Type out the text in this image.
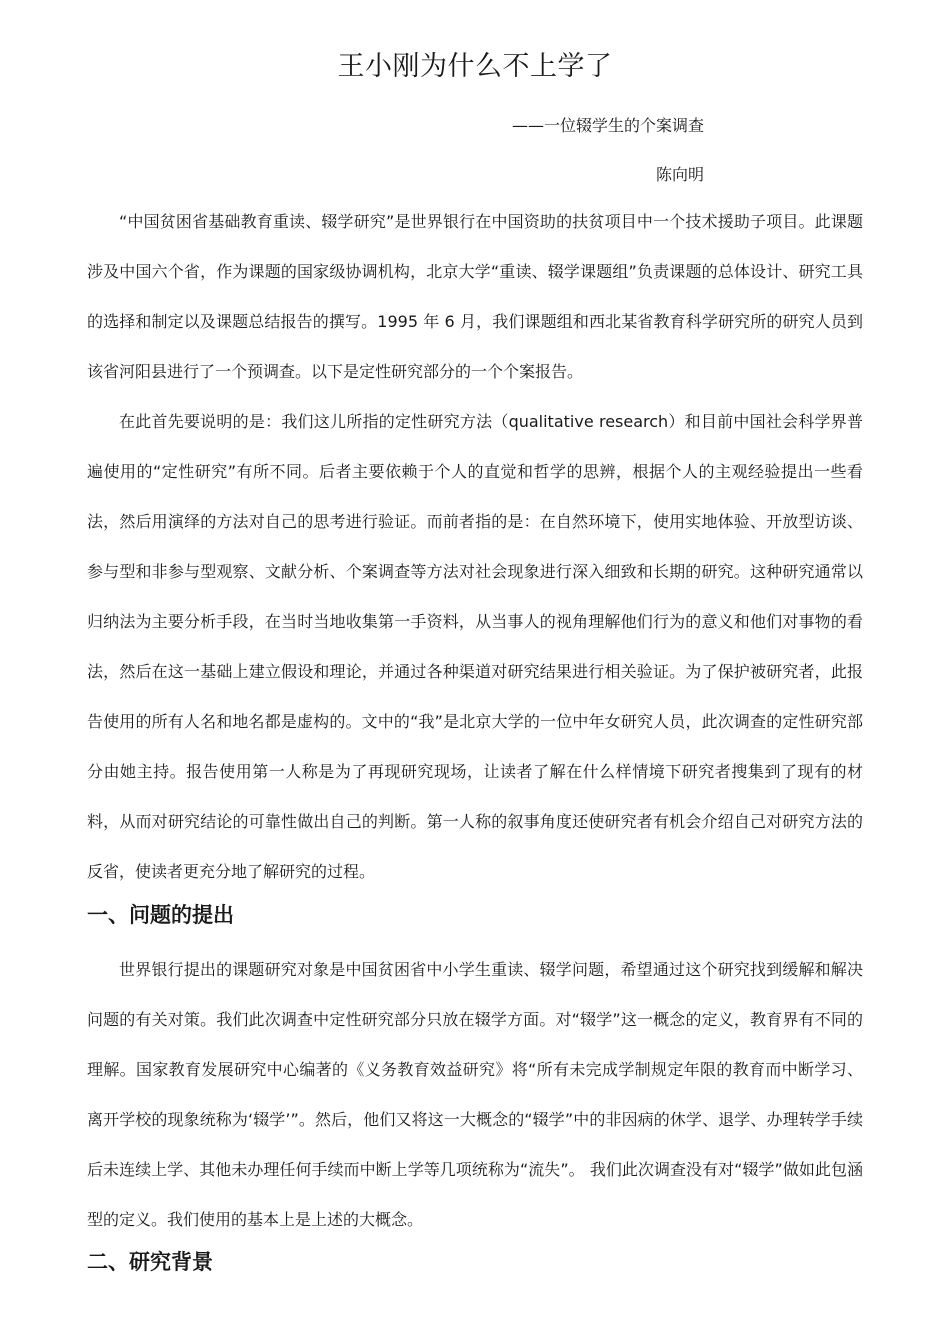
王小刚为什么不上学了

——一位辍学生的个案调查

陈向明

“中国贫困省基础教育重读、辍学研究”是世界银行在中国资助的扶贫项目中一个技术援助子项目。此课题涉及中国六个省，作为课题的国家级协调机构，北京大学“重读、辍学课题组”负责课题的总体设计、研究工具的选择和制定以及课题总结报告的撰写。1995 年 6 月，我们课题组和西北某省教育科学研究所的研究人员到该省河阳县进行了一个预调查。以下是定性研究部分的一个个案报告。

在此首先要说明的是：我们这儿所指的定性研究方法（qualitative research）和目前中国社会科学界普遍使用的“定性研究”有所不同。后者主要依赖于个人的直觉和哲学的思辨，根据个人的主观经验提出一些看法，然后用演绎的方法对自己的思考进行验证。而前者指的是：在自然环境下，使用实地体验、开放型访谈、参与型和非参与型观察、文献分析、个案调查等方法对社会现象进行深入细致和长期的研究。这种研究通常以归纳法为主要分析手段，在当时当地收集第一手资料，从当事人的视角理解他们行为的意义和他们对事物的看法，然后在这一基础上建立假设和理论，并通过各种渠道对研究结果进行相关验证。为了保护被研究者，此报告使用的所有人名和地名都是虚构的。文中的“我”是北京大学的一位中年女研究人员，此次调查的定性研究部分由她主持。报告使用第一人称是为了再现研究现场，让读者了解在什么样情境下研究者搜集到了现有的材料，从而对研究结论的可靠性做出自己的判断。第一人称的叙事角度还使研究者有机会介绍自己对研究方法的反省，使读者更充分地了解研究的过程。

一、问题的提出

世界银行提出的课题研究对象是中国贫困省中小学生重读、辍学问题，希望通过这个研究找到缓解和解决问题的有关对策。我们此次调查中定性研究部分只放在辍学方面。对“辍学”这一概念的定义，教育界有不同的理解。国家教育发展研究中心编著的《义务教育效益研究》将“所有未完成学制规定年限的教育而中断学习、离开学校的现象统称为‘辍学’”。然后，他们又将这一大概念的“辍学”中的非因病的休学、退学、办理转学手续后未连续上学、其他未办理任何手续而中断上学等几项统称为“流失”。 我们此次调查没有对“辍学”做如此包涵型的定义。我们使用的基本上是上述的大概念。

二、研究背景
